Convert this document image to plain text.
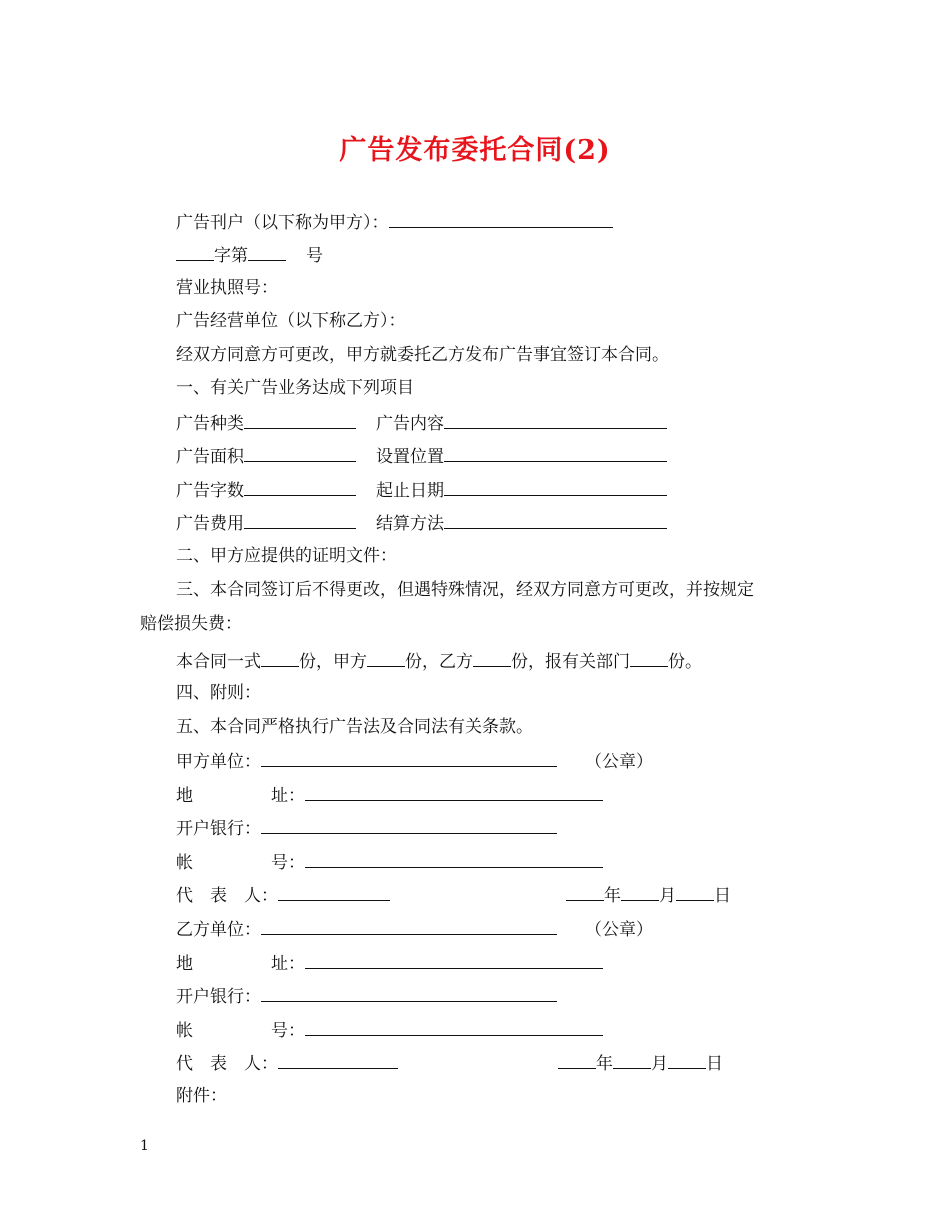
广告发布委托合同(2)
广告刊户（以下称为甲方）：
字第	号
营业执照号：
广告经营单位（以下称乙方）：
经双方同意方可更改，甲方就委托乙方发布广告事宜签订本合同。
一、有关广告业务达成下列项目
广告种类	广告内容
广告面积	设置位置
广告字数	起止日期
广告费用	结算方法
二、甲方应提供的证明文件：
三、本合同签订后不得更改，但遇特殊情况，经双方同意方可更改，并按规定
赔偿损失费：
本合同一式 份，甲方 份，乙方 份，报有关部门 份。
四、附则：
五、本合同严格执行广告法及合同法有关条款。
甲方单位：	（公章）
地	址：
开户银行：
帐	号：
代　表　人：	年 月 日
乙方单位：	（公章）
地	址：
开户银行：
帐	号：
代　表　人：	年 月 日
附件：
1
